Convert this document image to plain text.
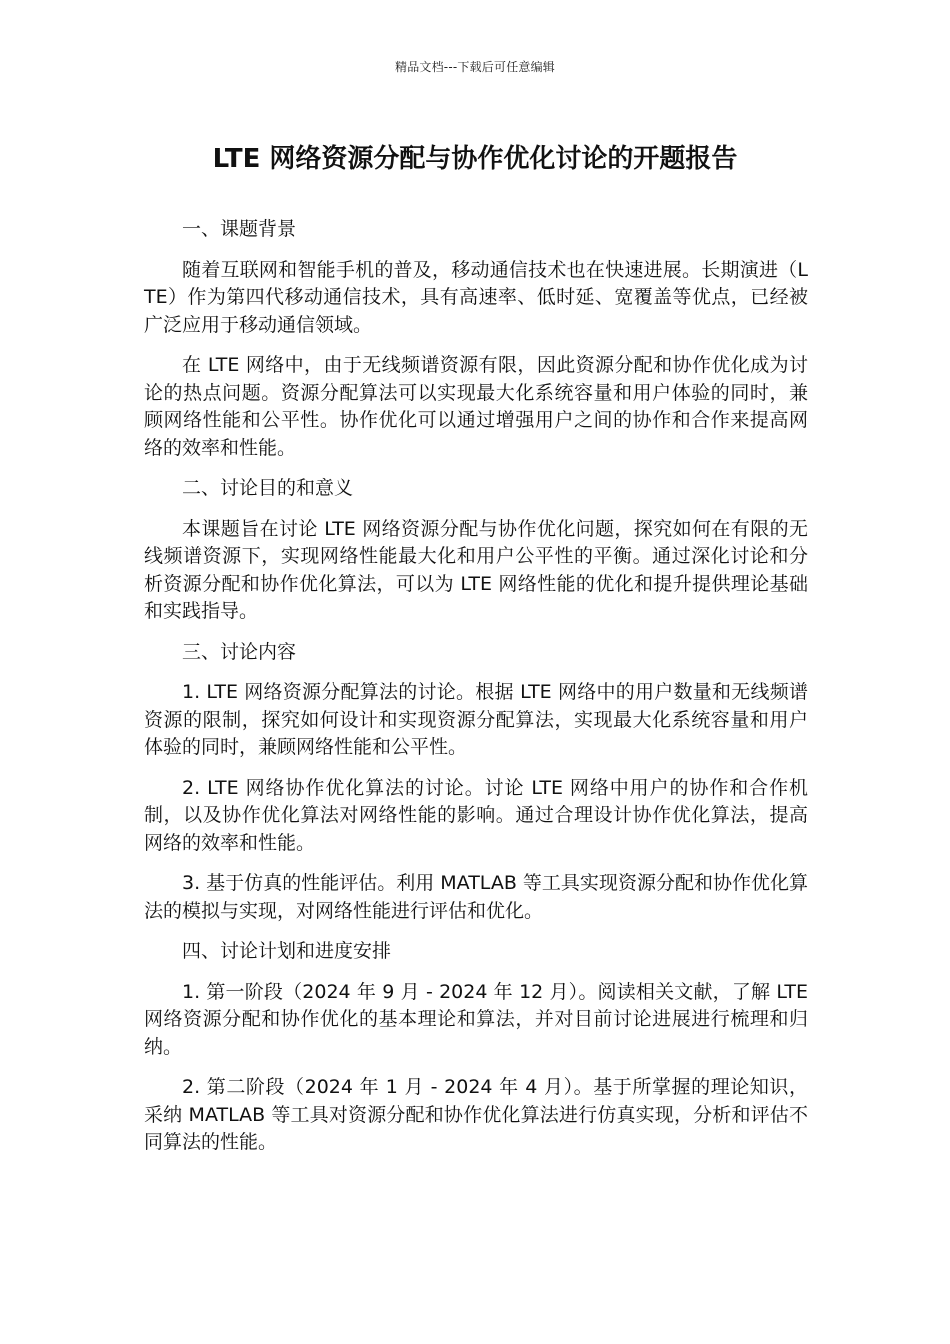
精品文档---下载后可任意编辑
LTE 网络资源分配与协作优化讨论的开题报告

一、课题背景

随着互联网和智能手机的普及，移动通信技术也在快速进展。长期演进（LTE）作为第四代移动通信技术，具有高速率、低时延、宽覆盖等优点，已经被广泛应用于移动通信领域。

在 LTE 网络中，由于无线频谱资源有限，因此资源分配和协作优化成为讨论的热点问题。资源分配算法可以实现最大化系统容量和用户体验的同时，兼顾网络性能和公平性。协作优化可以通过增强用户之间的协作和合作来提高网络的效率和性能。

二、讨论目的和意义

本课题旨在讨论 LTE 网络资源分配与协作优化问题，探究如何在有限的无线频谱资源下，实现网络性能最大化和用户公平性的平衡。通过深化讨论和分析资源分配和协作优化算法，可以为 LTE 网络性能的优化和提升提供理论基础和实践指导。

三、讨论内容

1. LTE 网络资源分配算法的讨论。根据 LTE 网络中的用户数量和无线频谱资源的限制，探究如何设计和实现资源分配算法，实现最大化系统容量和用户体验的同时，兼顾网络性能和公平性。

2. LTE 网络协作优化算法的讨论。讨论 LTE 网络中用户的协作和合作机制，以及协作优化算法对网络性能的影响。通过合理设计协作优化算法，提高网络的效率和性能。

3. 基于仿真的性能评估。利用 MATLAB 等工具实现资源分配和协作优化算法的模拟与实现，对网络性能进行评估和优化。

四、讨论计划和进度安排

1. 第一阶段（2024 年 9 月 - 2024 年 12 月）。阅读相关文献，了解 LTE 网络资源分配和协作优化的基本理论和算法，并对目前讨论进展进行梳理和归纳。

2. 第二阶段（2024 年 1 月 - 2024 年 4 月）。基于所掌握的理论知识，采纳 MATLAB 等工具对资源分配和协作优化算法进行仿真实现，分析和评估不同算法的性能。
